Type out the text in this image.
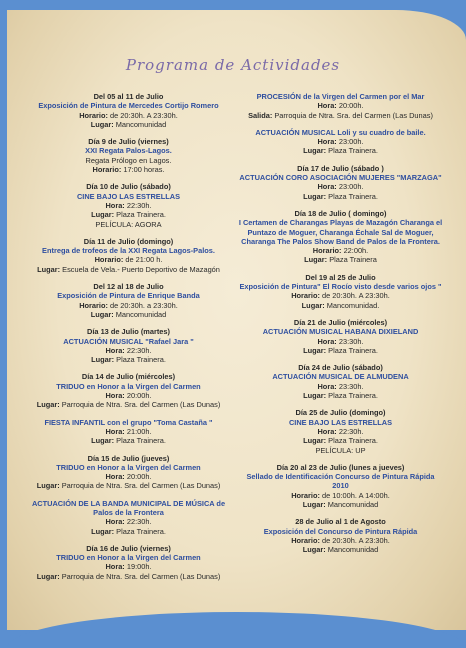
Programa de Actividades
Del 05 al 11 de Julio
Exposición de Pintura de Mercedes Cortijo Romero
Horario: de 20:30h. A 23:30h.
Lugar: Mancomunidad
Día 9 de Julio (viernes)
XXI Regata Palos-Lagos.
Regata Prólogo en Lagos.
Horario: 17:00 horas.
Día 10 de Julio (sábado)
CINE BAJO LAS ESTRELLAS
Hora: 22:30h.
Lugar: Plaza Trainera.
PELÍCULA: AGORA
Día 11 de Julio (domingo)
Entrega de trofeos de la XXI Regata Lagos-Palos.
Horario: de 21:00 h.
Lugar: Escuela de Vela.- Puerto Deportivo de Mazagón
Del 12 al 18 de Julio
Exposición de Pintura de Enrique Banda
Horario: de 20:30h. a 23:30h.
Lugar: Mancomunidad
Día 13 de Julio (martes)
ACTUACIÓN MUSICAL "Rafael Jara "
Hora: 22:30h.
Lugar: Plaza Trainera.
Día 14 de Julio (miércoles)
TRIDUO en Honor a la Virgen del Carmen
Hora: 20:00h.
Lugar: Parroquia de Ntra. Sra. del Carmen (Las Dunas)
FIESTA INFANTIL con el grupo "Toma Castaña "
Hora: 21:00h.
Lugar: Plaza Trainera.
Día 15 de Julio (jueves)
TRIDUO en Honor a la Virgen del Carmen
Hora: 20:00h.
Lugar: Parroquia de Ntra. Sra. del Carmen (Las Dunas)
ACTUACIÓN DE LA BANDA MUNICIPAL DE MÚSICA de Palos de la Frontera
Hora: 22:30h.
Lugar: Plaza Trainera.
Día 16 de Julio (viernes)
TRIDUO en Honor a la Virgen del Carmen
Hora: 19:00h.
Lugar: Parroquia de Ntra. Sra. del Carmen (Las Dunas)
PROCESIÓN de la Virgen del Carmen por el Mar
Hora: 20:00h.
Salida: Parroquia de Ntra. Sra. del Carmen (Las Dunas)
ACTUACIÓN MUSICAL Loli y su cuadro de baile.
Hora: 23:00h.
Lugar: Plaza Trainera.
Día 17 de Julio (sábado )
ACTUACIÓN CORO ASOCIACIÓN MUJERES "MARZAGA"
Hora: 23:00h.
Lugar: Plaza Trainera.
Día 18 de Julio ( domingo)
I Certamen de Charangas Playas de Mazagón Charanga el Puntazo de Moguer, Charanga Échale Sal de Moguer, Charanga The Palos Show Band de Palos de la Frontera.
Horario: 22:00h.
Lugar: Plaza Trainera
Del 19 al 25 de Julio
Exposición de Pintura" El Rocío visto desde varios ojos "
Horario: de 20:30h. A 23:30h.
Lugar: Mancomunidad.
Día 21 de Julio (miércoles)
ACTUACIÓN MUSICAL HABANA DIXIELAND
Hora: 23:30h.
Lugar: Plaza Trainera.
Día 24 de Julio (sábado)
ACTUACIÓN MUSICAL DE ALMUDENA
Hora: 23:30h.
Lugar: Plaza Trainera.
Día 25 de Julio (domingo)
CINE BAJO LAS ESTRELLAS
Hora: 22:30h.
Lugar: Plaza Trainera.
PELÍCULA: UP
Día 20 al 23 de Julio (lunes a jueves)
Sellado de Identificación Concurso de Pintura Rápida 2010
Horario: de 10:00h. A 14:00h.
Lugar: Mancomunidad
28 de Julio al 1 de Agosto
Exposición del Concurso de Pintura Rápida
Horario: de 20:30h. A 23:30h.
Lugar: Mancomunidad
